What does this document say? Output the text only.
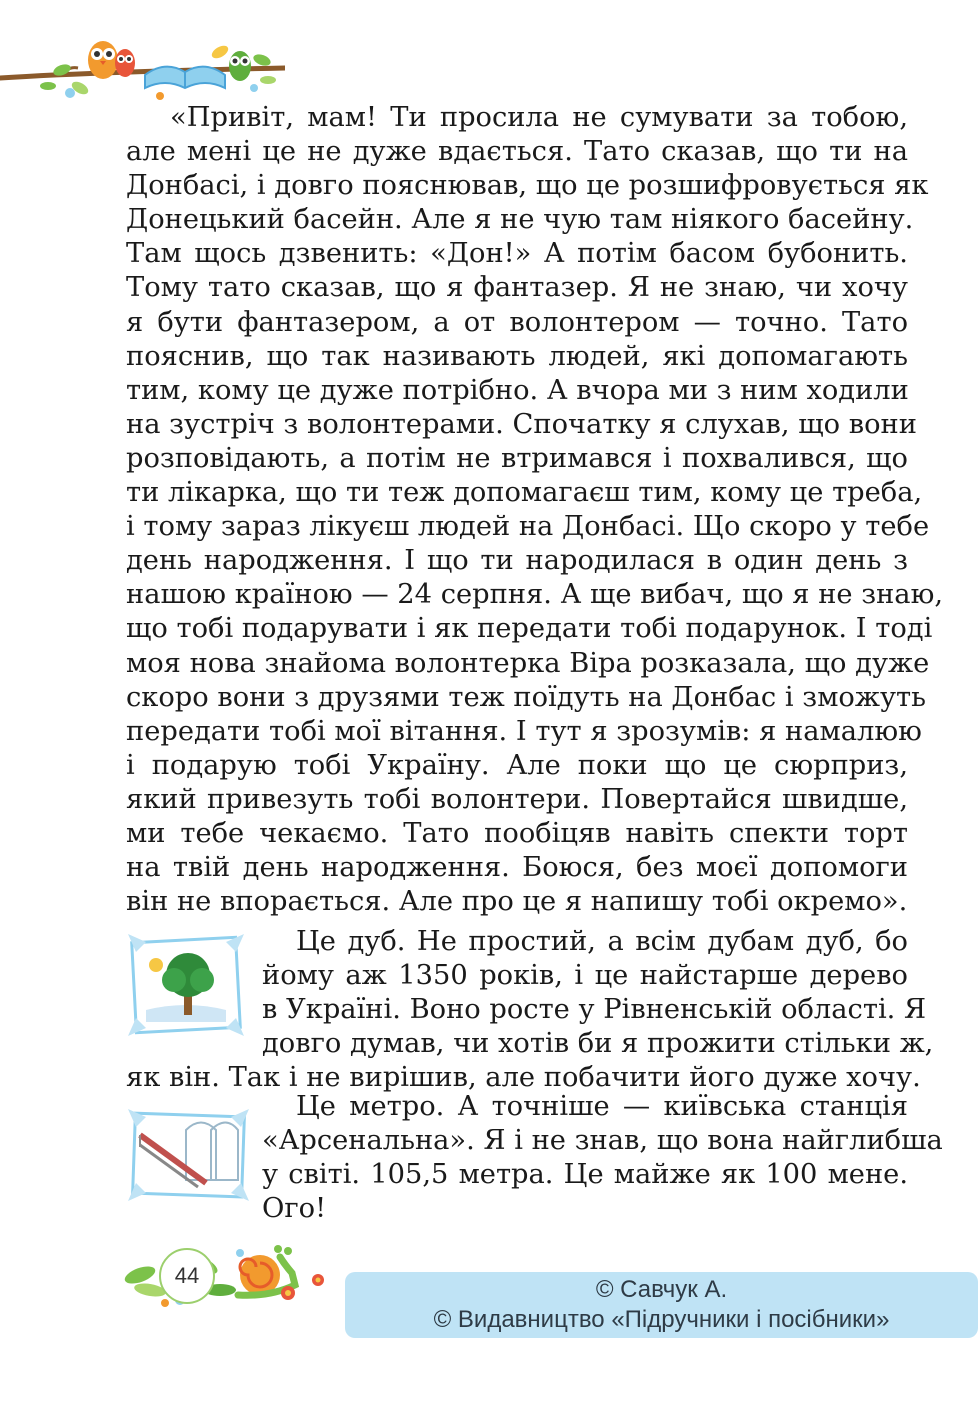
«Привіт, мам! Ти просила не сумувати за тобою,
але мені це не дуже вдається. Тато сказав, що ти на
Донбасі, і довго пояснював, що це розшифровується як
Донецький басейн. Але я не чую там ніякого басейну.
Там щось дзвенить: «Дон!» А потім басом бубонить.
Тому тато сказав, що я фантазер. Я не знаю, чи хочу
я бути фантазером, а от волонтером — точно. Тато
пояснив, що так називають людей, які допомагають
тим, кому це дуже потрібно. А вчора ми з ним ходили
на зустріч з волонтерами. Спочатку я слухав, що вони
розповідають, а потім не втримався і похвалився, що
ти лікарка, що ти теж допомагаєш тим, кому це треба,
і тому зараз лікуєш людей на Донбасі. Що скоро у тебе
день народження. І що ти народилася в один день з
нашою країною — 24 серпня. А ще вибач, що я не знаю,
що тобі подарувати і як передати тобі подарунок. І тоді
моя нова знайома волонтерка Віра розказала, що дуже
скоро вони з друзями теж поїдуть на Донбас і зможуть
передати тобі мої вітання. І тут я зрозумів: я намалюю
і подарую тобі Україну. Але поки що це сюрприз,
який привезуть тобі волонтери. Повертайся швидше,
ми тебе чекаємо. Тато пообіцяв навіть спекти торт
на твій день народження. Боюся, без моєї допомоги
він не впорається. Але про це я напишу тобі окремо».

Це дуб. Не простий, а всім дубам дуб, бо
йому аж 1350 років, і це найстарше дерево
в Україні. Воно росте у Рівненській області. Я
довго думав, чи хотів би я прожити стільки ж,
як він. Так і не вирішив, але побачити його дуже хочу.
Це метро. А точніше — київська станція
«Арсенальна». Я і не знав, що вона найглибша
у світі. 105,5 метра. Це майже як 100 мене.
Ого!
44
© Савчук А.
© Видавництво «Підручники і посібники»
